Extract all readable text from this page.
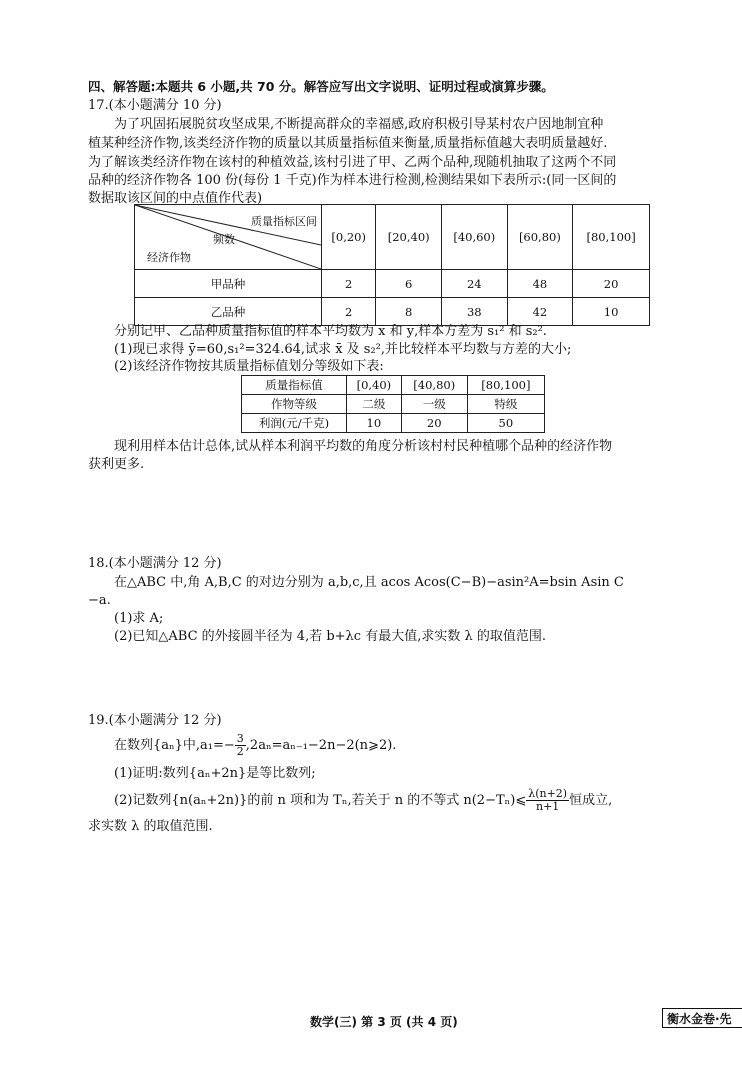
四、解答题:本题共 6 小题,共 70 分。解答应写出文字说明、证明过程或演算步骤。
17.(本小题满分 10 分)
为了巩固拓展脱贫攻坚成果,不断提高群众的幸福感,政府积极引导某村农户因地制宜种
植某种经济作物,该类经济作物的质量以其质量指标值来衡量,质量指标值越大表明质量越好.
为了解该类经济作物在该村的种植效益,该村引进了甲、乙两个品种,现随机抽取了这两个不同
品种的经济作物各 100 份(每份 1 千克)作为样本进行检测,检测结果如下表所示:(同一区间的
数据取该区间的中点值作代表)
质量指标区间
频数
经济作物	[0,20)	[20,40)	[40,60)	[60,80)	[80,100]
甲品种	2	6	24	48	20
乙品种	2	8	38	42	10
分别记甲、乙品种质量指标值的样本平均数为 x̄ 和 ȳ,样本方差为 s₁² 和 s₂².
(1)现已求得 ȳ=60,s₁²=324.64,试求 x̄ 及 s₂²,并比较样本平均数与方差的大小;
(2)该经济作物按其质量指标值划分等级如下表:
质量指标值	[0,40)	[40,80)	[80,100]
作物等级	二级	一级	特级
利润(元/千克)	10	20	50
现利用样本估计总体,试从样本利润平均数的角度分析该村村民种植哪个品种的经济作物
获利更多.
18.(本小题满分 12 分)
在△ABC 中,角 A,B,C 的对边分别为 a,b,c,且 acos Acos(C−B)−asin²A=bsin Asin C
−a.
(1)求 A;
(2)已知△ABC 的外接圆半径为 4,若 b+λc 有最大值,求实数 λ 的取值范围.
19.(本小题满分 12 分)
在数列{aₙ}中$,a_1=- \frac{3}{2}$ ,2aₙ=aₙ₋₁−2n−2(n⩾2).
(1)证明:数列{aₙ+2n}是等比数列;
(2)记数列{n(aₙ+2n)}的前 n 项和为 Tₙ,若关于 n 的不等式 n(2−Tₙ)⩽ $\frac{\lambda(n+2)}{n+1}$ 恒成立,
求实数 λ 的取值范围.
数学(三) 第 3 页 (共 4 页)	衡水金卷·先
